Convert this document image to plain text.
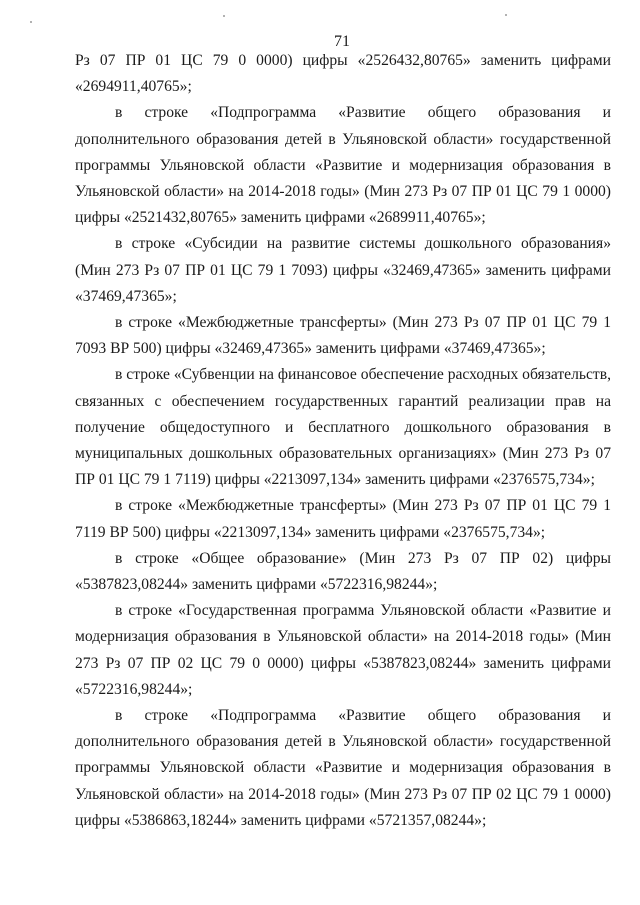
71

Рз 07 ПР 01 ЦС 79 0 0000) цифры «2526432,80765» заменить цифрами «2694911,40765»;

в строке «Подпрограмма «Развитие общего образования и дополнительного образования детей в Ульяновской области» государственной программы Ульяновской области «Развитие и модернизация образования в Ульяновской области» на 2014-2018 годы» (Мин 273 Рз 07 ПР 01 ЦС 79 1 0000) цифры «2521432,80765» заменить цифрами «2689911,40765»;

в строке «Субсидии на развитие системы дошкольного образования» (Мин 273 Рз 07 ПР 01 ЦС 79 1 7093) цифры «32469,47365» заменить цифрами «37469,47365»;

в строке «Межбюджетные трансферты» (Мин 273 Рз 07 ПР 01 ЦС 79 1 7093 ВР 500) цифры «32469,47365» заменить цифрами «37469,47365»;

в строке «Субвенции на финансовое обеспечение расходных обязательств, связанных с обеспечением государственных гарантий реализации прав на получение общедоступного и бесплатного дошкольного образования в муниципальных дошкольных образовательных организациях» (Мин 273 Рз 07 ПР 01 ЦС 79 1 7119) цифры «2213097,134» заменить цифрами «2376575,734»;

в строке «Межбюджетные трансферты» (Мин 273 Рз 07 ПР 01 ЦС 79 1 7119 ВР 500) цифры «2213097,134» заменить цифрами «2376575,734»;

в строке «Общее образование» (Мин 273 Рз 07 ПР 02) цифры «5387823,08244» заменить цифрами «5722316,98244»;

в строке «Государственная программа Ульяновской области «Развитие и модернизация образования в Ульяновской области» на 2014-2018 годы» (Мин 273 Рз 07 ПР 02 ЦС 79 0 0000) цифры «5387823,08244» заменить цифрами «5722316,98244»;

в строке «Подпрограмма «Развитие общего образования и дополнительного образования детей в Ульяновской области» государственной программы Ульяновской области «Развитие и модернизация образования в Ульяновской области» на 2014-2018 годы» (Мин 273 Рз 07 ПР 02 ЦС 79 1 0000) цифры «5386863,18244» заменить цифрами «5721357,08244»;
